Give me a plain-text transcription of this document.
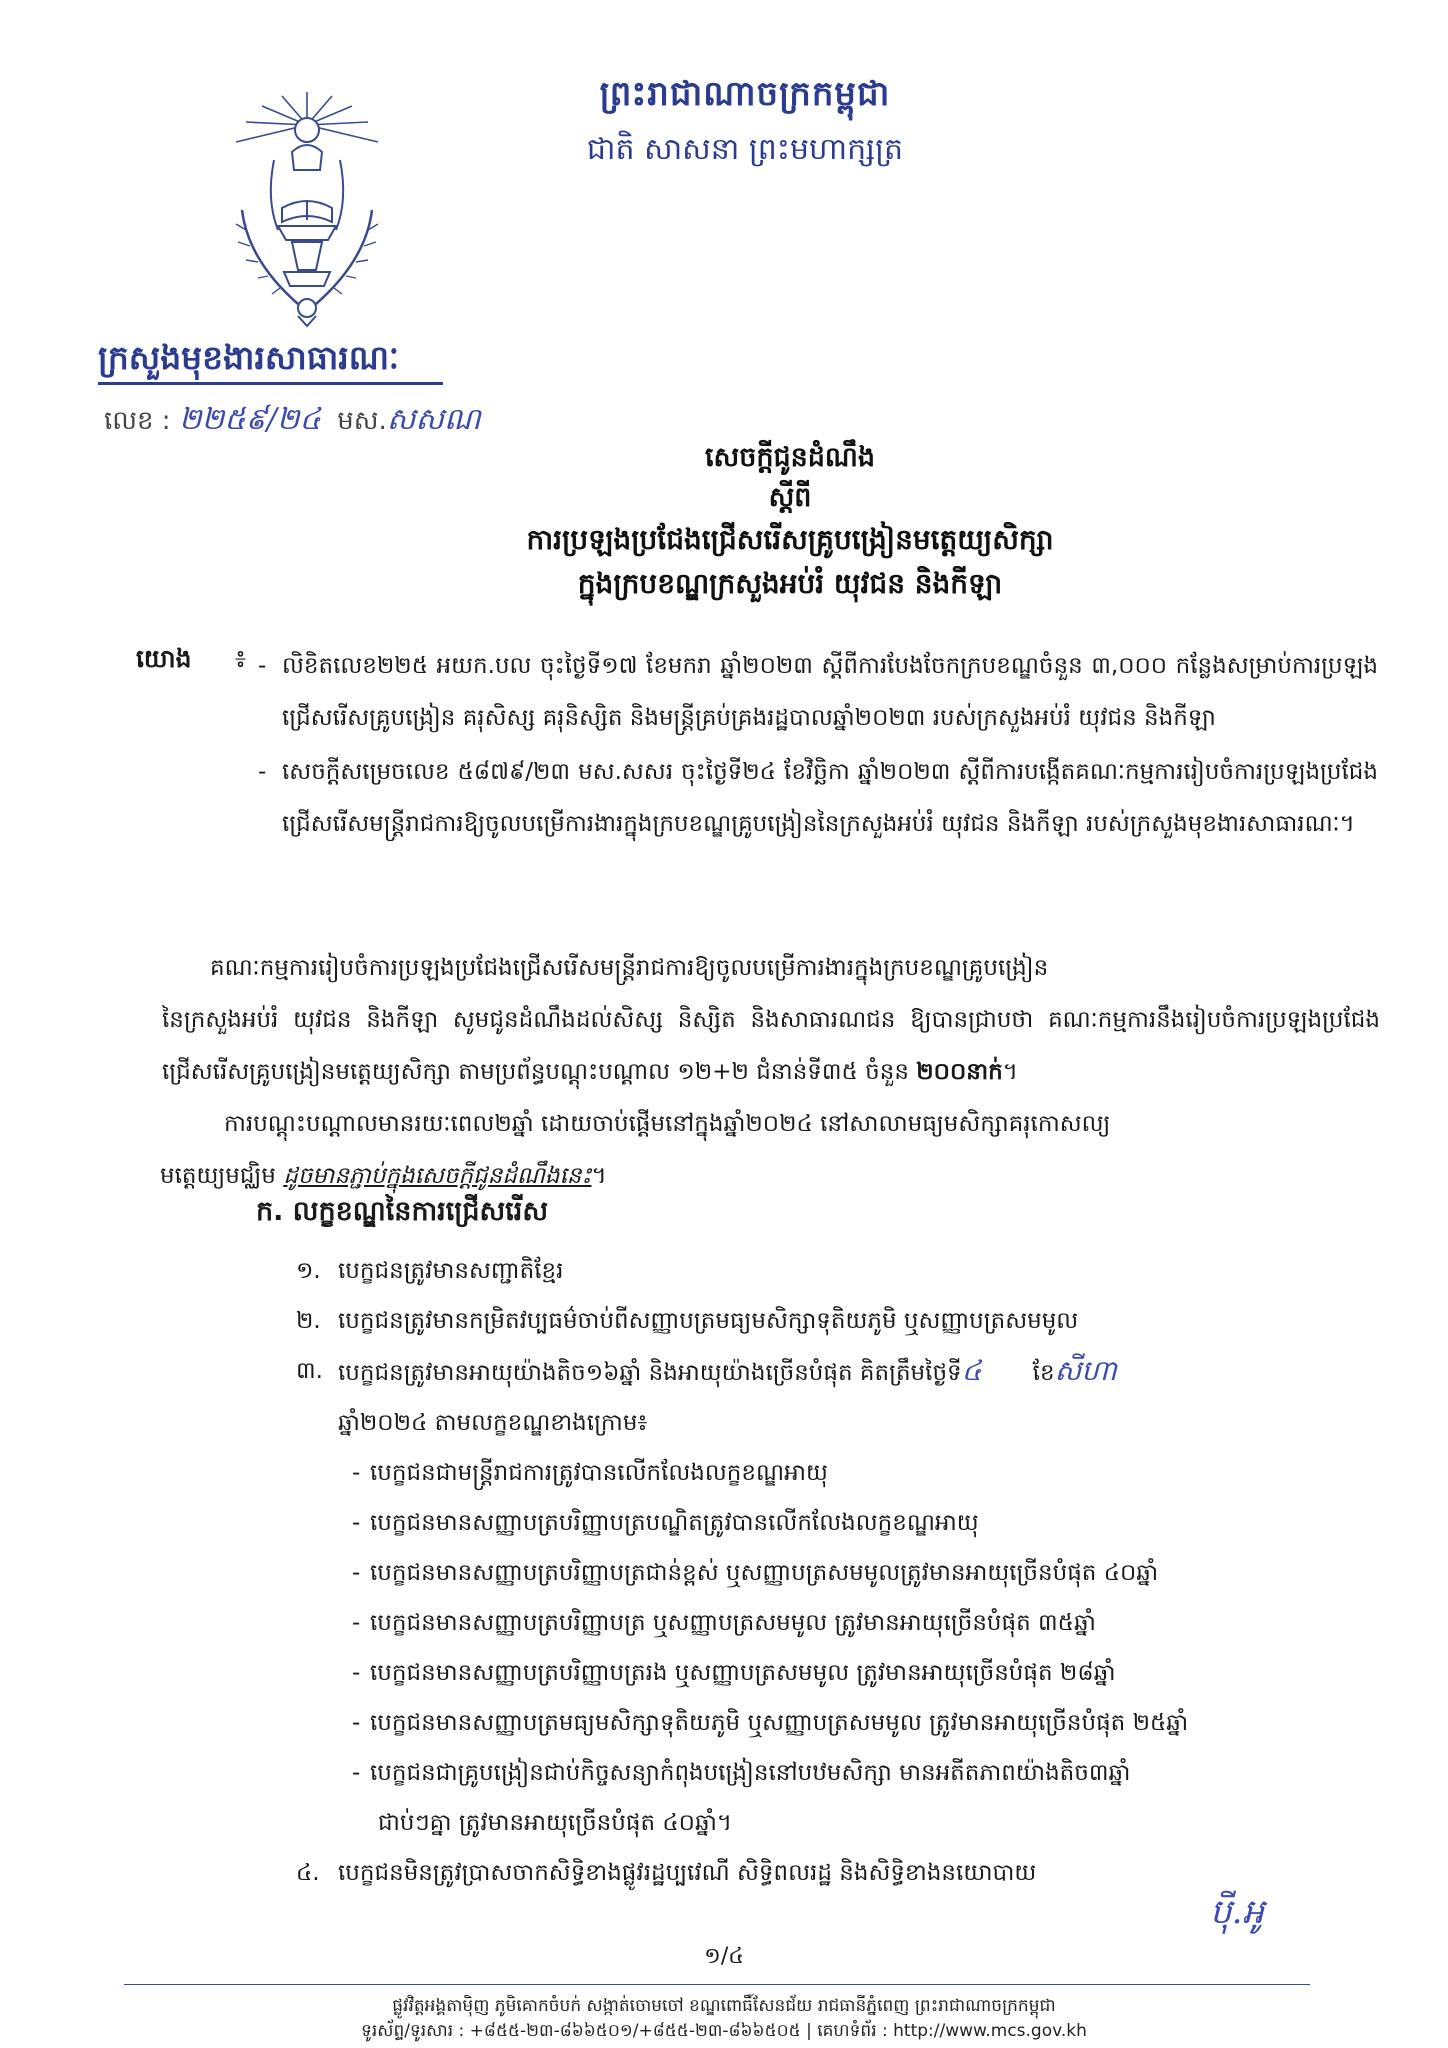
ព្រះរាជាណាចក្រកម្ពុជា
ជាតិ សាសនា ព្រះមហាក្សត្រ
ក្រសួងមុខងារសាធារណៈ
លេខ : ២២៥៩/២៤ មស.សសណ
សេចក្តីជូនដំណឹង
ស្តីពី
ការប្រឡងប្រជែងជ្រើសរើសគ្រូបង្រៀនមត្តេយ្យសិក្សា
ក្នុងក្របខណ្ឌក្រសួងអប់រំ យុវជន និងកីឡា
យោង ៖ - លិខិតលេខ២២៥ អយក.បល ចុះថ្ងៃទី១៧ ខែមករា ឆ្នាំ២០២៣ ស្តីពីការបែងចែកក្របខណ្ឌចំនួន ៣,០០០ កន្លែងសម្រាប់ការប្រឡងជ្រើសរើសគ្រូបង្រៀន គរុសិស្ស គរុនិស្សិត និងមន្ត្រីគ្រប់គ្រងរដ្ឋបាលឆ្នាំ២០២៣ របស់ក្រសួងអប់រំ យុវជន និងកីឡា
- សេចក្តីសម្រេចលេខ ៥៨៧៩/២៣ មស.សសរ ចុះថ្ងៃទី២៤ ខែវិច្ឆិកា ឆ្នាំ២០២៣ ស្តីពីការបង្កើតគណៈកម្មការរៀបចំការប្រឡងប្រជែងជ្រើសរើសមន្ត្រីរាជការឱ្យចូលបម្រើការងារក្នុងក្របខណ្ឌគ្រូបង្រៀននៃក្រសួងអប់រំ យុវជន និងកីឡា របស់ក្រសួងមុខងារសាធារណៈ។
គណៈកម្មការរៀបចំការប្រឡងប្រជែងជ្រើសរើសមន្ត្រីរាជការឱ្យចូលបម្រើការងារក្នុងក្របខណ្ឌគ្រូបង្រៀន
នៃក្រសួងអប់រំ យុវជន និងកីឡា សូមជូនដំណឹងដល់សិស្ស និស្សិត និងសាធារណជន ឱ្យបានជ្រាបថា គណៈកម្មការនឹងរៀបចំការប្រឡងប្រជែងជ្រើសរើសគ្រូបង្រៀនមត្តេយ្យសិក្សា តាមប្រព័ន្ធបណ្តុះបណ្តាល ១២+២ ជំនាន់ទី៣៥ ចំនួន ២០០នាក់។
ការបណ្តុះបណ្តាលមានរយៈពេល២ឆ្នាំ ដោយចាប់ផ្តើមនៅក្នុងឆ្នាំ២០២៤ នៅសាលាមធ្យមសិក្សាគរុកោសល្យ
មត្តេយ្យមជ្ឈិម ដូចមានភ្ជាប់ក្នុងសេចក្តីជូនដំណឹងនេះ។
ក. លក្ខខណ្ឌនៃការជ្រើសរើស
១. បេក្ខជនត្រូវមានសញ្ជាតិខ្មែរ
២. បេក្ខជនត្រូវមានកម្រិតវប្បធម៌ចាប់ពីសញ្ញាបត្រមធ្យមសិក្សាទុតិយភូមិ ឬសញ្ញាបត្រសមមូល
៣. បេក្ខជនត្រូវមានអាយុយ៉ាងតិច១៦ឆ្នាំ និងអាយុយ៉ាងច្រើនបំផុត គិតត្រឹមថ្ងៃទី៤ ខែសីហា
ឆ្នាំ២០២៤ តាមលក្ខខណ្ឌខាងក្រោម៖
- បេក្ខជនជាមន្ត្រីរាជការត្រូវបានលើកលែងលក្ខខណ្ឌអាយុ
- បេក្ខជនមានសញ្ញាបត្របរិញ្ញាបត្របណ្ឌិតត្រូវបានលើកលែងលក្ខខណ្ឌអាយុ
- បេក្ខជនមានសញ្ញាបត្របរិញ្ញាបត្រជាន់ខ្ពស់ ឬសញ្ញាបត្រសមមូលត្រូវមានអាយុច្រើនបំផុត ៤០ឆ្នាំ
- បេក្ខជនមានសញ្ញាបត្របរិញ្ញាបត្រ ឬសញ្ញាបត្រសមមូល ត្រូវមានអាយុច្រើនបំផុត ៣៥ឆ្នាំ
- បេក្ខជនមានសញ្ញាបត្របរិញ្ញាបត្ររង ឬសញ្ញាបត្រសមមូល ត្រូវមានអាយុច្រើនបំផុត ២៨ឆ្នាំ
- បេក្ខជនមានសញ្ញាបត្រមធ្យមសិក្សាទុតិយភូមិ ឬសញ្ញាបត្រសមមូល ត្រូវមានអាយុច្រើនបំផុត ២៥ឆ្នាំ
- បេក្ខជនជាគ្រូបង្រៀនជាប់កិច្ចសន្យាកំពុងបង្រៀននៅបឋមសិក្សា មានអតីតភាពយ៉ាងតិច៣ឆ្នាំ
ជាប់ៗគ្នា ត្រូវមានអាយុច្រើនបំផុត ៤០ឆ្នាំ។
៤. បេក្ខជនមិនត្រូវប្រាសចាកសិទ្ធិខាងផ្លូវរដ្ឋប្បវេណី សិទ្ធិពលរដ្ឋ និងសិទ្ធិខាងនយោបាយ
ប៉ី.អូ
១/៤
ផ្លូវវិត្តអង្គតាម៉ិញ ភូមិគោកចំបក់ សង្កាត់ចោមចៅ ខណ្ឌពោធិ៍សែនជ័យ រាជធានីភ្នំពេញ ព្រះរាជាណាចក្រកម្ពុជា
ទូរស័ព្ទ/ទូរសារ : +៨៥៥-២៣-៨៦៦៥០១/+៨៥៥-២៣-៨៦៦៥០៥ | គេហទំព័រ : http://www.mcs.gov.kh
